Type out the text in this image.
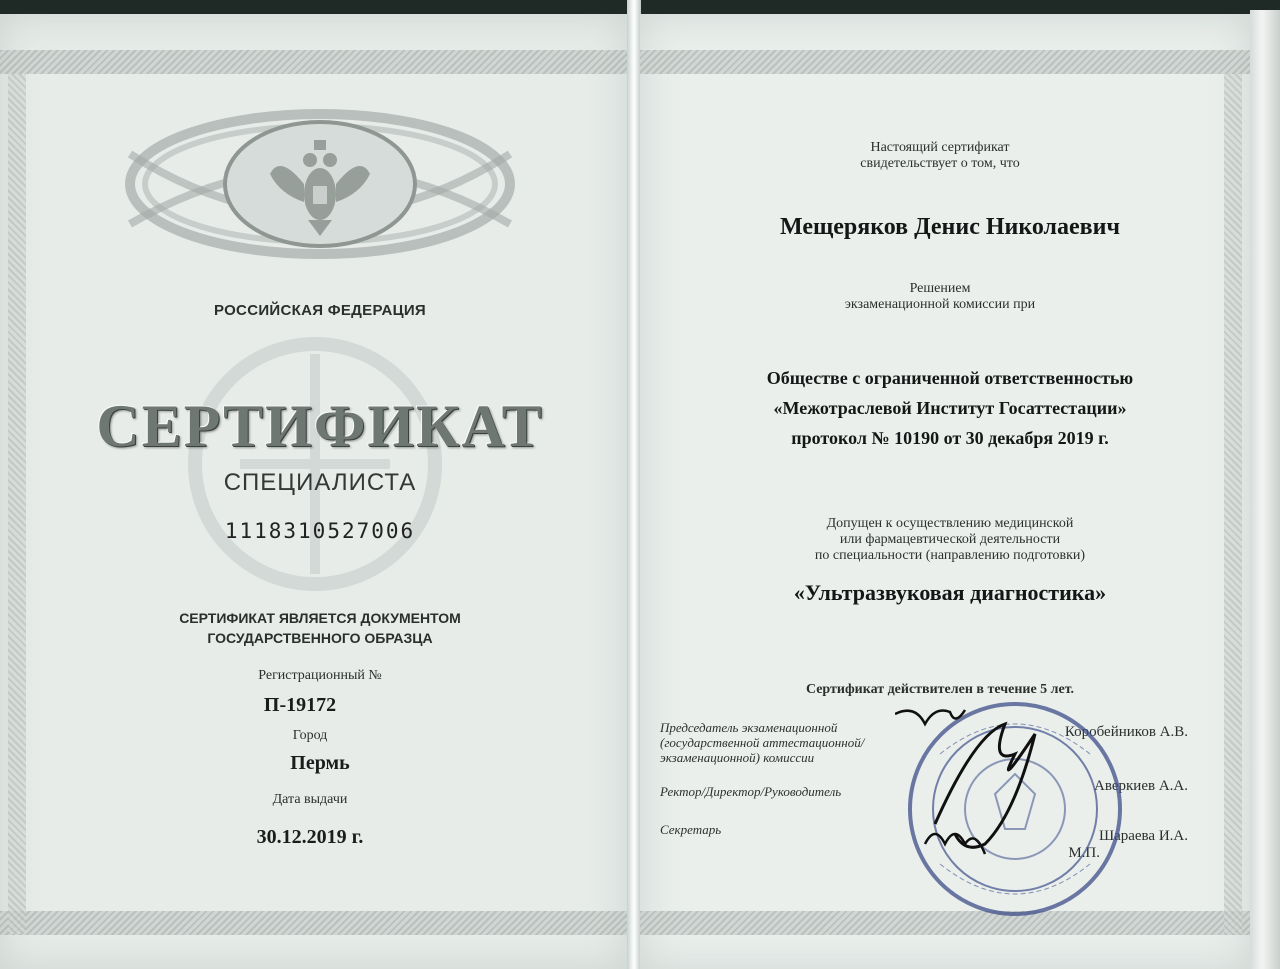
РОССИЙСКАЯ ФЕДЕРАЦИЯ
СЕРТИФИКАТ
СПЕЦИАЛИСТА
1118310527006
СЕРТИФИКАТ ЯВЛЯЕТСЯ ДОКУМЕНТОМ
ГОСУДАРСТВЕННОГО ОБРАЗЦА
Регистрационный №
П-19172
Город
Пермь
Дата выдачи
30.12.2019 г.
Настоящий сертификат
свидетельствует о том, что
Мещеряков Денис Николаевич
Решением
экзаменационной комиссии при
Обществе с ограниченной ответственностью
«Межотраслевой Институт Госаттестации»
протокол № 10190 от 30 декабря 2019 г.
Допущен к осуществлению медицинской
или фармацевтической деятельности
по специальности (направлению подготовки)
«Ультразвуковая диагностика»
Сертификат действителен в течение 5 лет.
Председатель экзаменационной
(государственной аттестационной/
экзаменационной) комиссии
Коробейников А.В.
Ректор/Директор/Руководитель	Аверкиев А.А.
Секретарь	Шараева И.А.
М.П.
